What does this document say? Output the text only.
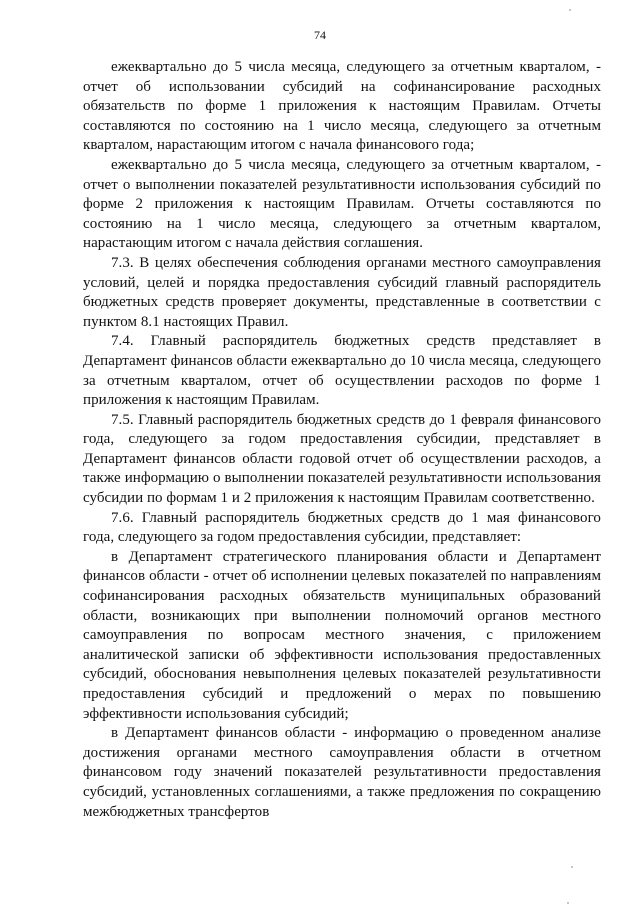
74

ежеквартально до 5 числа месяца, следующего за отчетным кварталом, - отчет об использовании субсидий на софинансирование расходных обязательств по форме 1 приложения к настоящим Правилам. Отчеты составляются по состоянию на 1 число месяца, следующего за отчетным кварталом, нарастающим итогом с начала финансового года;

ежеквартально до 5 числа месяца, следующего за отчетным кварталом, - отчет о выполнении показателей результативности использования субсидий по форме 2 приложения к настоящим Правилам. Отчеты составляются по состоянию на 1 число месяца, следующего за отчетным кварталом, нарастающим итогом с начала действия соглашения.

7.3. В целях обеспечения соблюдения органами местного самоуправления условий, целей и порядка предоставления субсидий главный распорядитель бюджетных средств проверяет документы, представленные в соответствии с пунктом 8.1 настоящих Правил.

7.4. Главный распорядитель бюджетных средств представляет в Департамент финансов области ежеквартально до 10 числа месяца, следующего за отчетным кварталом, отчет об осуществлении расходов по форме 1 приложения к настоящим Правилам.

7.5. Главный распорядитель бюджетных средств до 1 февраля финансового года, следующего за годом предоставления субсидии, представляет в Департамент финансов области годовой отчет об осуществлении расходов, а также информацию о выполнении показателей результативности использования субсидии по формам 1 и 2 приложения к настоящим Правилам соответственно.

7.6. Главный распорядитель бюджетных средств до 1 мая финансового года, следующего за годом предоставления субсидии, представляет:

в Департамент стратегического планирования области и Департамент финансов области - отчет об исполнении целевых показателей по направлениям софинансирования расходных обязательств муниципальных образований области, возникающих при выполнении полномочий органов местного самоуправления по вопросам местного значения, с приложением аналитической записки об эффективности использования предоставленных субсидий, обоснования невыполнения целевых показателей результативности предоставления субсидий и предложений о мерах по повышению эффективности использования субсидий;

в Департамент финансов области - информацию о проведенном анализе достижения органами местного самоуправления области в отчетном финансовом году значений показателей результативности предоставления субсидий, установленных соглашениями, а также предложения по сокращению межбюджетных трансфертов
